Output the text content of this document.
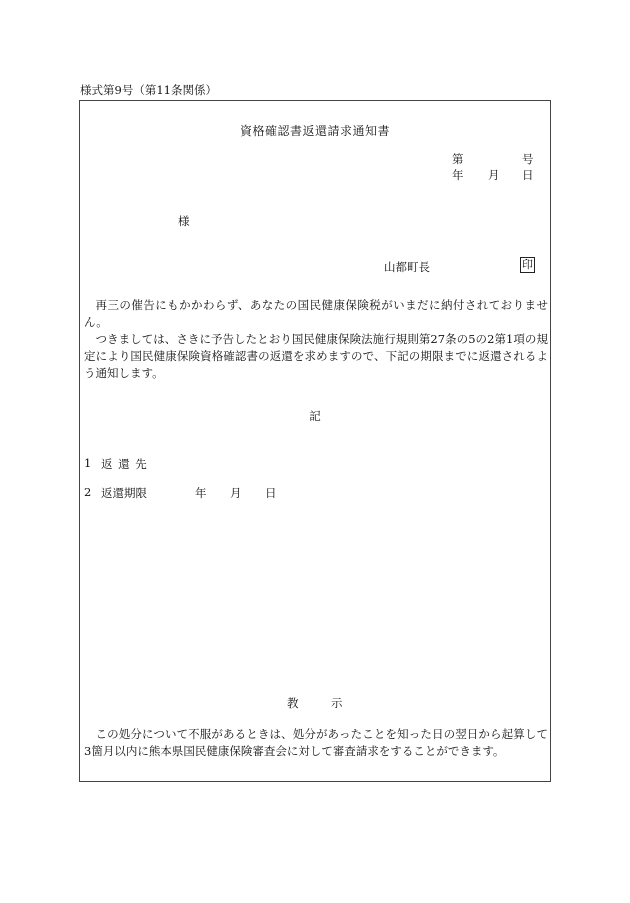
様式第9号（第11条関係）
資格確認書返還請求通知書
第	号
年 月 日
様
山都町長	印
再三の催告にもかかわらず、あなたの国民健康保険税がいまだに納付されておりません。
つきましては、さきに予告したとおり国民健康保険法施行規則第27条の5の2第1項の規定により国民健康保険資格確認書の返還を求めますので、下記の期限までに返還されるよう通知します。
記
1 返 還 先
2 返還期限	年 月 日
教	示
この処分について不服があるときは、処分があったことを知った日の翌日から起算して3箇月以内に熊本県国民健康保険審査会に対して審査請求をすることができます。
